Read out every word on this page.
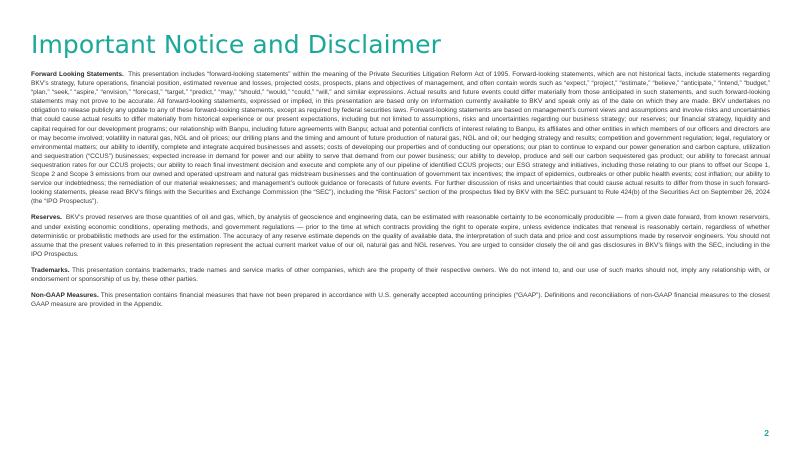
Important Notice and Disclaimer

Forward Looking Statements. This presentation includes “forward-looking statements” within the meaning of the Private Securities Litigation Reform Act of 1995. Forward-looking statements, which are not historical facts, include statements regarding BKV’s strategy, future operations, financial position, estimated revenue and losses, projected costs, prospects, plans and objectives of management, and often contain words such as “expect,” “project,” “estimate,” “believe,” “anticipate,” “intend,” “budget,” “plan,” “seek,” “aspire,” “envision,” “forecast,” “target,” “predict,” “may,” “should,” “would,” “could,” “will,” and similar expressions. Actual results and future events could differ materially from those anticipated in such statements, and such forward-looking statements may not prove to be accurate. All forward-looking statements, expressed or implied, in this presentation are based only on information currently available to BKV and speak only as of the date on which they are made. BKV undertakes no obligation to release publicly any update to any of these forward-looking statements, except as required by federal securities laws. Forward-looking statements are based on management’s current views and assumptions and involve risks and uncertainties that could cause actual results to differ materially from historical experience or our present expectations, including but not limited to assumptions, risks and uncertainties regarding our business strategy; our reserves; our financial strategy, liquidity and capital required for our development programs; our relationship with Banpu, including future agreements with Banpu; actual and potential conflicts of interest relating to Banpu, its affiliates and other entities in which members of our officers and directors are or may become involved; volatility in natural gas, NGL and oil prices; our drilling plans and the timing and amount of future production of natural gas, NGL and oil; our hedging strategy and results; competition and government regulation; legal, regulatory or environmental matters; our ability to identify, complete and integrate acquired businesses and assets; costs of developing our properties and of conducting our operations; our plan to continue to expand our power generation and carbon capture, utilization and sequestration (“CCUS”) businesses; expected increase in demand for power and our ability to serve that demand from our power business; our ability to develop, produce and sell our carbon sequestered gas product; our ability to forecast annual sequestration rates for our CCUS projects; our ability to reach final investment decision and execute and complete any of our pipeline of identified CCUS projects; our ESG strategy and initiatives, including those relating to our plans to offset our Scope 1, Scope 2 and Scope 3 emissions from our owned and operated upstream and natural gas midstream businesses and the continuation of government tax incentives; the impact of epidemics, outbreaks or other public health events; cost inflation; our ability to service our indebtedness; the remediation of our material weaknesses; and management’s outlook guidance or forecasts of future events. For further discussion of risks and uncertainties that could cause actual results to differ from those in such forward-looking statements, please read BKV’s filings with the Securities and Exchange Commission (the “SEC”), including the “Risk Factors” section of the prospectus filed by BKV with the SEC pursuant to Rule 424(b) of the Securities Act on September 26, 2024 (the “IPO Prospectus”).

Reserves. BKV’s proved reserves are those quantities of oil and gas, which, by analysis of geoscience and engineering data, can be estimated with reasonable certainty to be economically producible — from a given date forward, from known reservoirs, and under existing economic conditions, operating methods, and government regulations — prior to the time at which contracts providing the right to operate expire, unless evidence indicates that renewal is reasonably certain, regardless of whether deterministic or probabilistic methods are used for the estimation. The accuracy of any reserve estimate depends on the quality of available data, the interpretation of such data and price and cost assumptions made by reservoir engineers. You should not assume that the present values referred to in this presentation represent the actual current market value of our oil, natural gas and NGL reserves. You are urged to consider closely the oil and gas disclosures in BKV’s filings with the SEC, including in the IPO Prospectus.

Trademarks. This presentation contains trademarks, trade names and service marks of other companies, which are the property of their respective owners. We do not intend to, and our use of such marks should not, imply any relationship with, or endorsement or sponsorship of us by, these other parties.

Non-GAAP Measures. This presentation contains financial measures that have not been prepared in accordance with U.S. generally accepted accounting principles (“GAAP”). Definitions and reconciliations of non-GAAP financial measures to the closest GAAP measure are provided in the Appendix.

2
